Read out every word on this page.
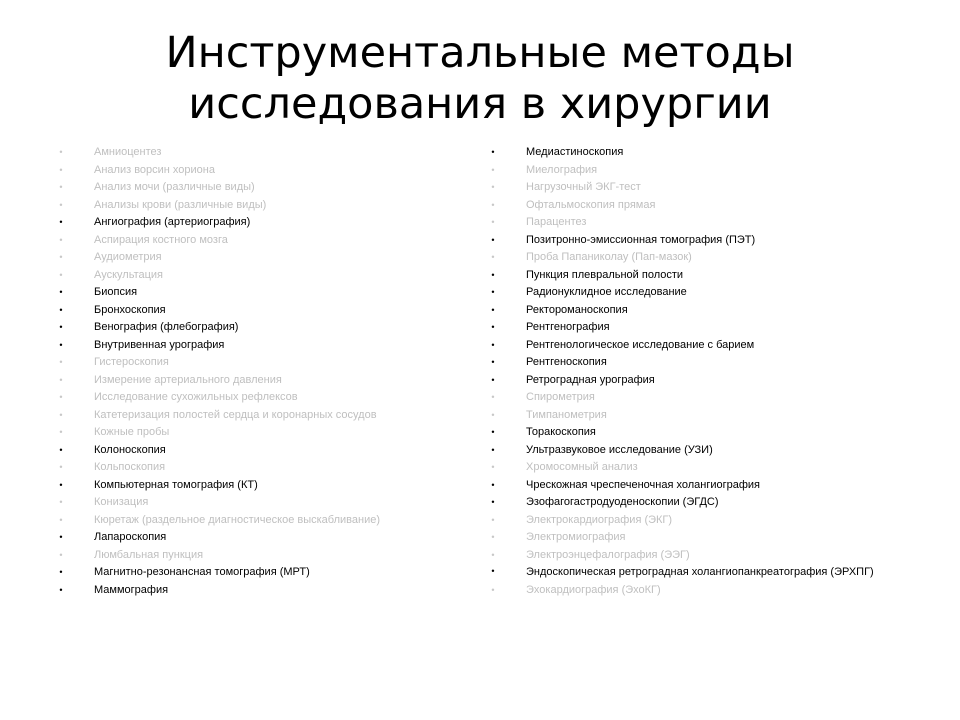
Инструментальные методы
исследования в хирургии
•	Амниоцентез
•	Анализ ворсин хориона
•	Анализ мочи (различные виды)
•	Анализы крови (различные виды)
•	Ангиография (артериография)
•	Аспирация костного мозга
•	Аудиометрия
•	Аускультация
•	Биопсия
•	Бронхоскопия
•	Венография (флебография)
•	Внутривенная урография
•	Гистероскопия
•	Измерение артериального давления
•	Исследование сухожильных рефлексов
•	Катетеризация полостей сердца и коронарных сосудов
•	Кожные пробы
•	Колоноскопия
•	Кольпоскопия
•	Компьютерная томография (КТ)
•	Конизация
•	Кюретаж (раздельное диагностическое выскабливание)
•	Лапароскопия
•	Люмбальная пункция
•	Магнитно-резонансная томография (МРТ)
•	Маммография
•	Медиастиноскопия
•	Миелография
•	Нагрузочный ЭКГ-тест
•	Офтальмоскопия прямая
•	Парацентез
•	Позитронно-эмиссионная томография (ПЭТ)
•	Проба Папаниколау (Пап-мазок)
•	Пункция плевральной полости
•	Радионуклидное исследование
•	Ректороманоскопия
•	Рентгенография
•	Рентгенологическое исследование с барием
•	Рентгеноскопия
•	Ретроградная урография
•	Спирометрия
•	Тимпанометрия
•	Торакоскопия
•	Ультразвуковое исследование (УЗИ)
•	Хромосомный анализ
•	Чрескожная чреспеченочная холангиография
•	Эзофагогастродуоденоскопии (ЭГДС)
•	Электрокардиография (ЭКГ)
•	Электромиография
•	Электроэнцефалография (ЭЭГ)
•	Эндоскопическая ретроградная холангиопанкреатография (ЭРХПГ)
•	Эхокардиография (ЭхоКГ)
